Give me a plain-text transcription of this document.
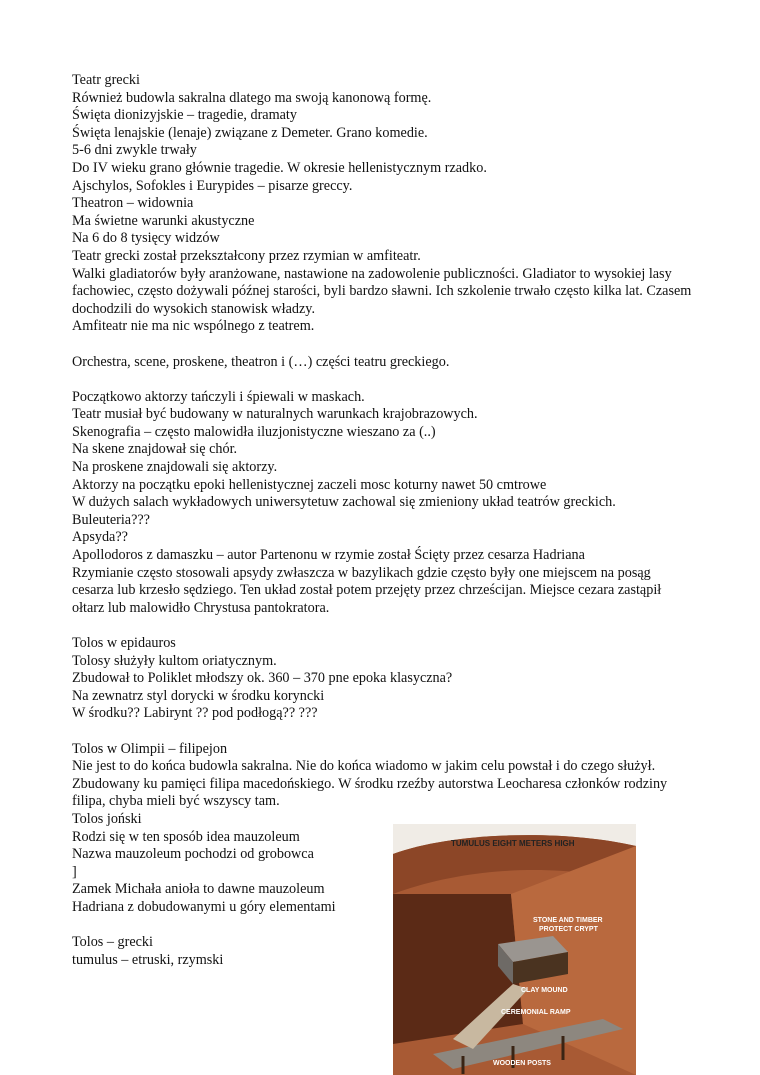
Teatr grecki
Również budowla sakralna dlatego ma swoją kanonową formę.
Święta dionizyjskie – tragedie, dramaty
Święta lenajskie (lenaje) związane z Demeter. Grano komedie.
5-6 dni zwykle trwały
Do IV wieku grano głównie tragedie. W okresie hellenistycznym rzadko.
Ajschylos, Sofokles i Eurypides – pisarze greccy.
Theatron – widownia
Ma świetne warunki akustyczne
Na 6 do 8 tysięcy widzów
Teatr grecki został przekształcony przez rzymian w amfiteatr.
Walki gladiatorów były aranżowane, nastawione na zadowolenie publiczności. Gladiator to wysokiej lasy fachowiec, często dożywali późnej starości, byli bardzo sławni. Ich szkolenie trwało często kilka lat. Czasem dochodzili do wysokich stanowisk władzy.
Amfiteatr nie ma nic wspólnego z teatrem.
Orchestra, scene, proskene, theatron i (…) części teatru greckiego.
Początkowo aktorzy tańczyli i śpiewali w maskach.
Teatr musiał być budowany w naturalnych warunkach krajobrazowych.
Skenografia – często malowidła iluzjonistyczne wieszano za (..)
Na skene znajdował się chór.
Na proskene znajdowali się aktorzy.
Aktorzy na początku epoki hellenistycznej zaczeli mosc koturny nawet 50 cmtrowe
W dużych salach wykładowych uniwersytetuw zachowal się zmieniony układ teatrów greckich.
Buleuteria???
Apsyda??
Apollodoros z damaszku – autor Partenonu w rzymie został Ścięty przez cesarza Hadriana
Rzymianie często stosowali apsydy zwłaszcza w bazylikach gdzie często były one miejscem na posąg cesarza lub krzesło sędziego. Ten układ został potem przejęty przez chrześcijan. Miejsce cezara zastąpił ołtarz lub malowidło Chrystusa pantokratora.
Tolos w epidauros
Tolosy służyły kultom oriatycznym.
Zbudował to Poliklet młodszy ok. 360 – 370 pne epoka klasyczna?
Na zewnatrz styl dorycki w środku koryncki
W środku?? Labirynt ?? pod podłogą?? ???
Tolos w Olimpii – filipejon
Nie jest to do końca budowla sakralna. Nie do końca wiadomo w jakim celu powstał i do czego służył.
Zbudowany ku pamięci filipa macedońskiego. W środku rzeźby autorstwa Leocharesa członków rodziny filipa, chyba mieli być wszyscy tam.
Tolos joński
Rodzi się w ten sposób idea mauzoleum
Nazwa mauzoleum pochodzi od grobowca
]
Zamek Michała anioła to dawne mauzoleum
Hadriana z dobudowanymi u góry elementami
Tolos – grecki
tumulus – etruski, rzymski
TUMULUS EIGHT METERS HIGH
STONE AND TIMBER
PROTECT CRYPT
CLAY MOUND
CEREMONIAL RAMP
WOODEN POSTS
